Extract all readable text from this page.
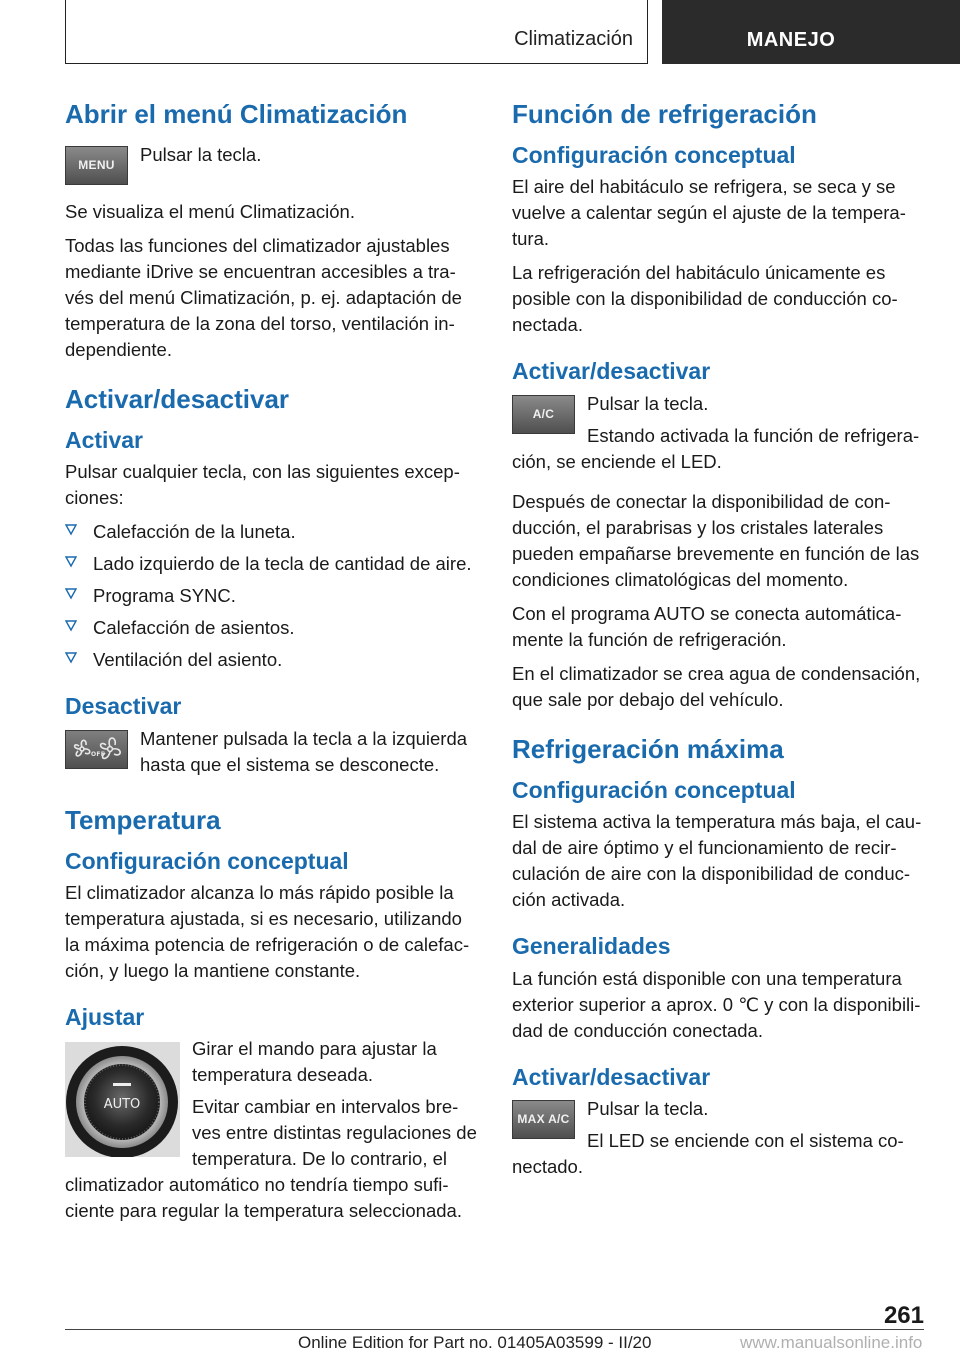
Climatización	MANEJO
Abrir el menú Climatización
MENU

Pulsar la tecla.

Se visualiza el menú Climatización.

Todas las funciones del climatizador ajustables mediante iDrive se encuentran accesibles a tra‐vés del menú Climatización, p. ej. adaptación de temperatura de la zona del torso, ventilación in‐dependiente.

Activar/desactivar
Activar

Pulsar cualquier tecla, con las siguientes excep‐ciones:

Calefacción de la luneta.
Lado izquierdo de la tecla de cantidad de aire.
Programa SYNC.
Calefacción de asientos.
Ventilación del asiento.
Desactivar
OFF

Mantener pulsada la tecla a la izquierda hasta que el sistema se desconecte.

Temperatura
Configuración conceptual

El climatizador alcanza lo más rápido posible la temperatura ajustada, si es necesario, utilizando la máxima potencia de refrigeración o de calefac‐ción, y luego la mantiene constante.

Ajustar
AUTO

Girar el mando para ajustar la temperatura deseada.

Evitar cambiar en intervalos bre‐ves entre distintas regulaciones de temperatura. De lo contrario, el climatizador automático no tendría tiempo sufi‐ciente para regular la temperatura seleccionada.

Función de refrigeración
Configuración conceptual

El aire del habitáculo se refrigera, se seca y se vuelve a calentar según el ajuste de la tempera‐tura.

La refrigeración del habitáculo únicamente es posible con la disponibilidad de conducción co‐nectada.

Activar/desactivar
A/C

Pulsar la tecla.

Estando activada la función de refrigera‐ción, se enciende el LED.

Después de conectar la disponibilidad de con‐ducción, el parabrisas y los cristales laterales pueden empañarse brevemente en función de las condiciones climatológicas del momento.

Con el programa AUTO se conecta automática‐mente la función de refrigeración.

En el climatizador se crea agua de condensación, que sale por debajo del vehículo.

Refrigeración máxima
Configuración conceptual

El sistema activa la temperatura más baja, el cau‐dal de aire óptimo y el funcionamiento de recir‐culación de aire con la disponibilidad de conduc‐ción activada.

Generalidades

La función está disponible con una temperatura exterior superior a aprox. 0 ℃ y con la disponibili‐dad de conducción conectada.

Activar/desactivar
MAX A/C

Pulsar la tecla.

El LED se enciende con el sistema co‐nectado.

261
Online Edition for Part no. 01405A03599 - II/20	www.manualsonline.info
